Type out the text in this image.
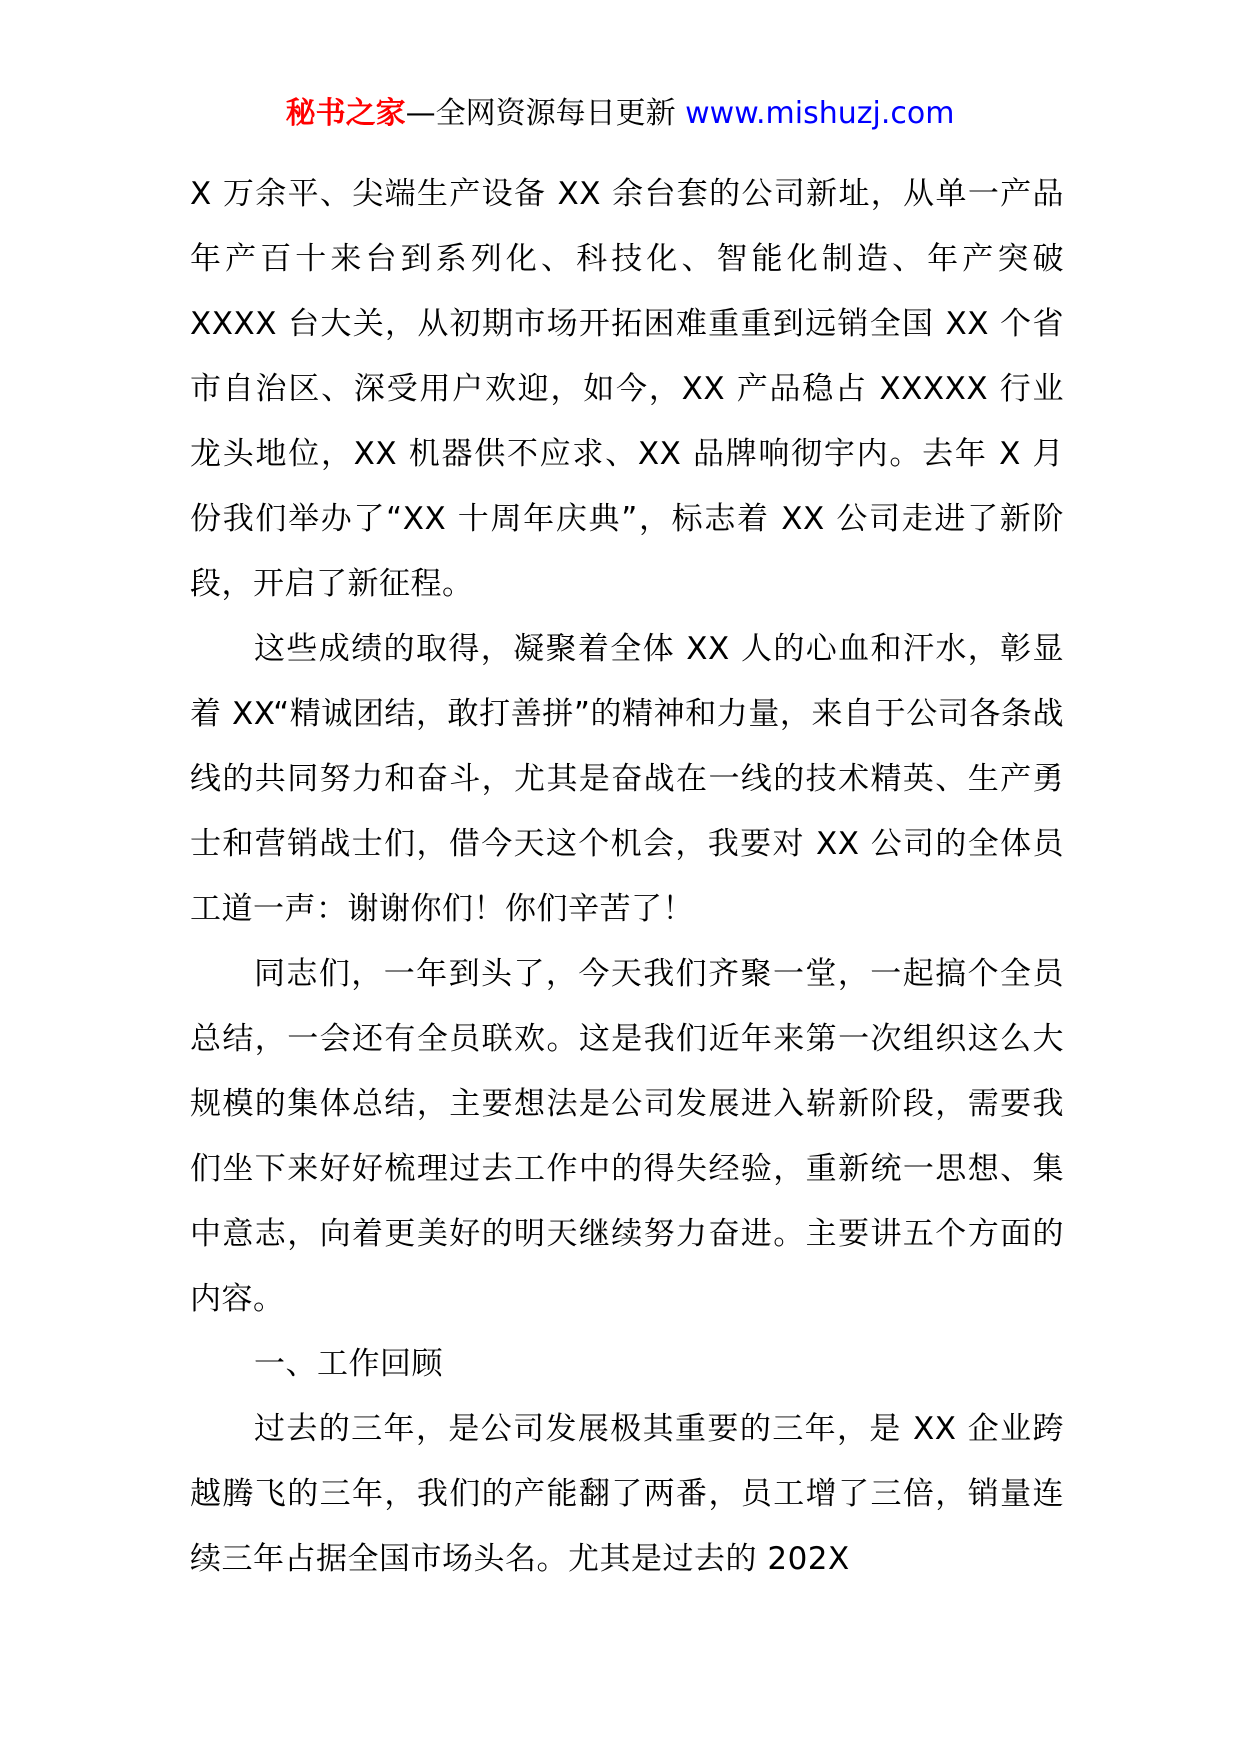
秘书之家—全网资源每日更新 www.mishuzj.com

X 万余平、尖端生产设备 XX 余台套的公司新址，从单一产品年产百十来台到系列化、科技化、智能化制造、年产突破 XXXX 台大关，从初期市场开拓困难重重到远销全国 XX 个省市自治区、深受用户欢迎，如今，XX 产品稳占 XXXXX 行业龙头地位，XX 机器供不应求、XX 品牌响彻宇内。去年 X 月份我们举办了“XX 十周年庆典”，标志着 XX 公司走进了新阶段，开启了新征程。

这些成绩的取得，凝聚着全体 XX 人的心血和汗水，彰显着 XX“精诚团结，敢打善拼”的精神和力量，来自于公司各条战线的共同努力和奋斗，尤其是奋战在一线的技术精英、生产勇士和营销战士们，借今天这个机会，我要对 XX 公司的全体员工道一声：谢谢你们！你们辛苦了！

同志们，一年到头了，今天我们齐聚一堂，一起搞个全员总结，一会还有全员联欢。这是我们近年来第一次组织这么大规模的集体总结，主要想法是公司发展进入崭新阶段，需要我们坐下来好好梳理过去工作中的得失经验，重新统一思想、集中意志，向着更美好的明天继续努力奋进。主要讲五个方面的内容。

一、工作回顾

过去的三年，是公司发展极其重要的三年，是 XX 企业跨越腾飞的三年，我们的产能翻了两番，员工增了三倍，销量连续三年占据全国市场头名。尤其是过去的 202X
